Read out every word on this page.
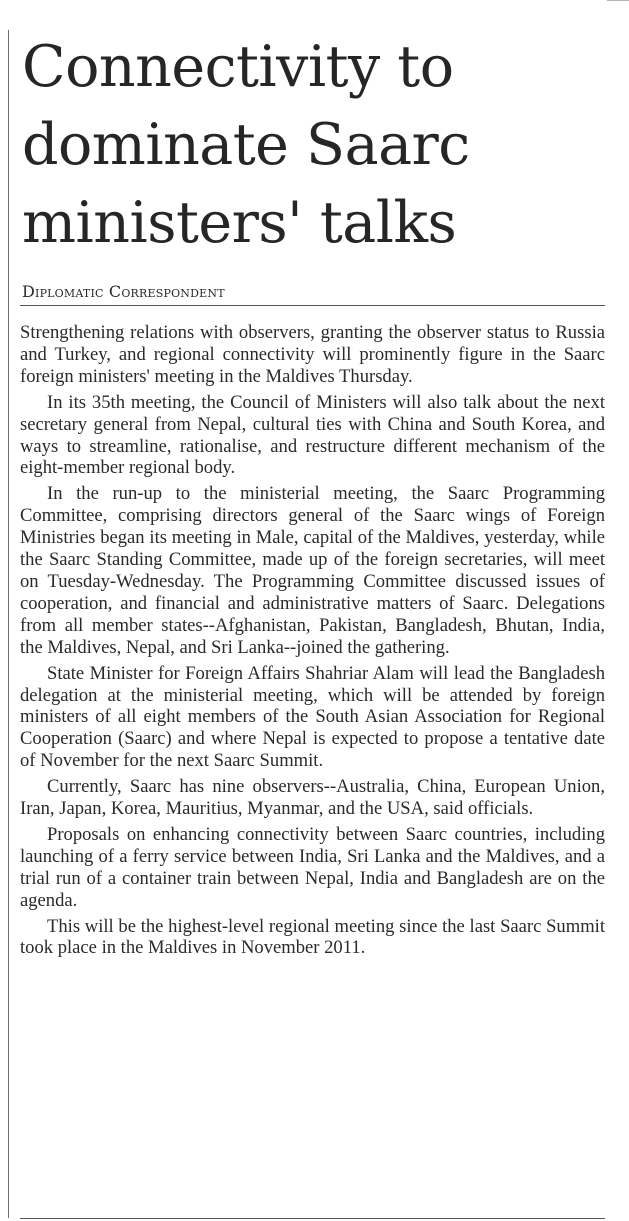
Connectivity to
dominate Saarc
ministers' talks
Diplomatic Correspondent

Strengthening relations with observers, granting the observer status to Russia and Turkey, and regional connectivity will prominently figure in the Saarc foreign ministers' meeting in the Maldives Thursday.

In its 35th meeting, the Council of Ministers will also talk about the next secretary general from Nepal, cultural ties with China and South Korea, and ways to streamline, rationalise, and restructure different mechanism of the eight-member regional body.

In the run-up to the ministerial meeting, the Saarc Programming Committee, comprising directors general of the Saarc wings of Foreign Ministries began its meeting in Male, capital of the Maldives, yesterday, while the Saarc Standing Committee, made up of the foreign secretaries, will meet on Tuesday-Wednesday. The Programming Committee discussed issues of cooperation, and financial and administrative matters of Saarc. Delegations from all member states--Afghanistan, Pakistan, Bangladesh, Bhutan, India, the Maldives, Nepal, and Sri Lanka--joined the gathering.

State Minister for Foreign Affairs Shahriar Alam will lead the Bangladesh delegation at the ministerial meeting, which will be attended by foreign ministers of all eight members of the South Asian Association for Regional Cooperation (Saarc) and where Nepal is expected to propose a tentative date of November for the next Saarc Summit.

Currently, Saarc has nine observers--Australia, China, European Union, Iran, Japan, Korea, Mauritius, Myanmar, and the USA, said officials.

Proposals on enhancing connectivity between Saarc countries, including launching of a ferry service between India, Sri Lanka and the Maldives, and a trial run of a container train between Nepal, India and Bangladesh are on the agenda.

This will be the highest-level regional meeting since the last Saarc Summit took place in the Maldives in November 2011.
